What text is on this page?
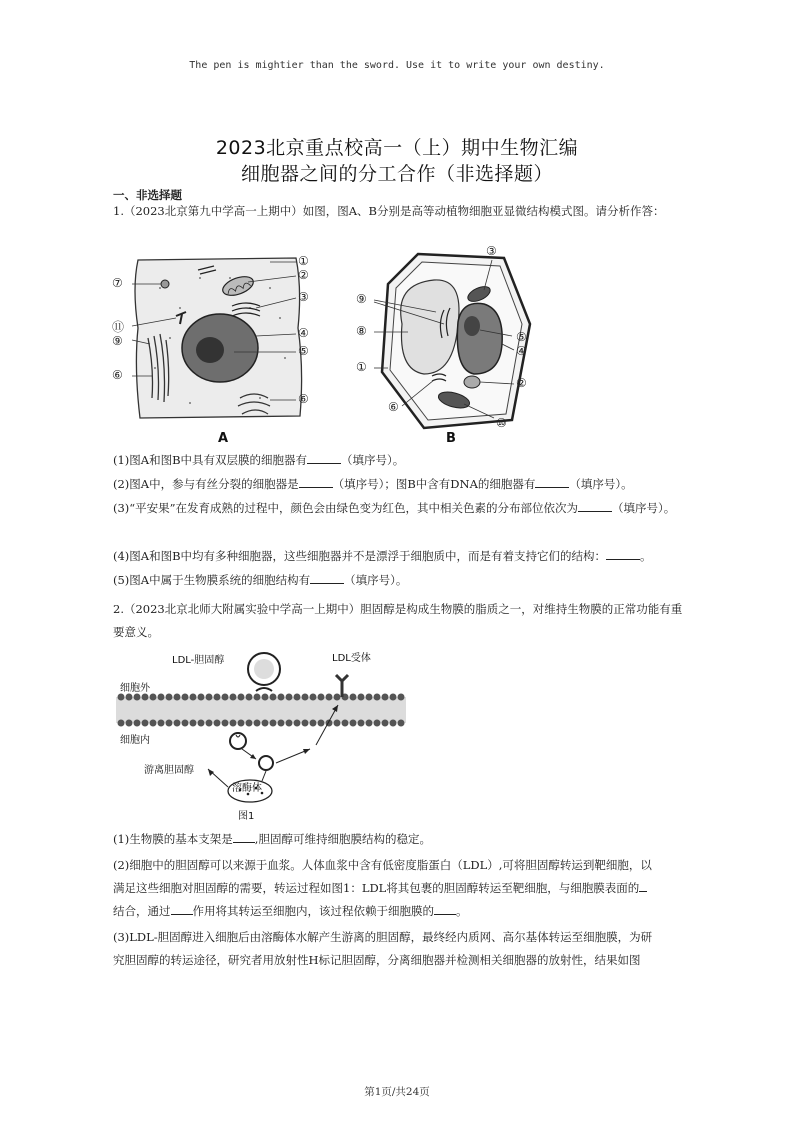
The pen is mightier than the sword. Use it to write your own destiny.
2023北京重点校高一（上）期中生物汇编
细胞器之间的分工合作（非选择题）
一、非选择题
1.（2023北京第九中学高一上期中）如图，图A、B分别是高等动植物细胞亚显微结构模式图。请分析作答：
A
⑦
⑪
⑨
⑥
①
②
③
④
⑤
⑥
B
⑨
⑧
①
⑥
③
⑤
④
②
⑩
(1)图A和图B中具有双层膜的细胞器有	（填序号）。
(2)图A中，参与有丝分裂的细胞器是	（填序号）；图B中含有DNA的细胞器有	（填序号）。
(3)“平安果”在发育成熟的过程中，颜色会由绿色变为红色，其中相关色素的分布部位依次为	（填序号）。
(4)图A和图B中均有多种细胞器，这些细胞器并不是漂浮于细胞质中，而是有着支持它们的结构：	。
(5)图A中属于生物膜系统的细胞结构有	（填序号）。
2.（2023北京北师大附属实验中学高一上期中）胆固醇是构成生物膜的脂质之一，对维持生物膜的正常功能有重要意义。
LDL-胆固醇	LDL受体
细胞外
细胞内
游离胆固醇
溶酶体
图1
(1)生物膜的基本支架是 ,胆固醇可维持细胞膜结构的稳定。
(2)细胞中的胆固醇可以来源于血浆。人体血浆中含有低密度脂蛋白（LDL）,可将胆固醇转运到靶细胞，以
满足这些细胞对胆固醇的需要，转运过程如图1：LDL将其包裹的胆固醇转运至靶细胞，与细胞膜表面的
结合，通过 作用将其转运至细胞内，该过程依赖于细胞膜的 。
(3)LDL-胆固醇进入细胞后由溶酶体水解产生游离的胆固醇，最终经内质网、高尔基体转运至细胞膜，为研
究胆固醇的转运途径，研究者用放射性H标记胆固醇，分离细胞器并检测相关细胞器的放射性，结果如图
第1页/共24页
